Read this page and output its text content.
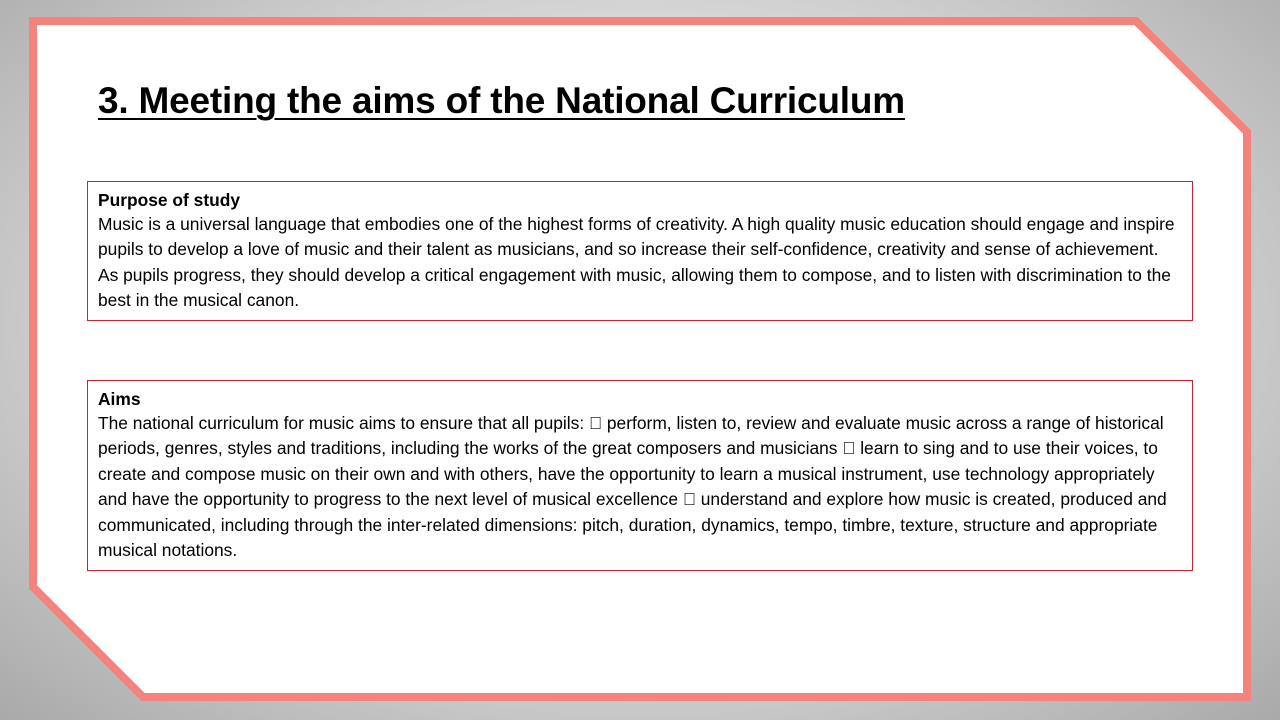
3. Meeting the aims of the National Curriculum
Purpose of study
Music is a universal language that embodies one of the highest forms of creativity. A high quality music education should engage and inspire pupils to develop a love of music and their talent as musicians, and so increase their self-confidence, creativity and sense of achievement. As pupils progress, they should develop a critical engagement with music, allowing them to compose, and to listen with discrimination to the best in the musical canon.
Aims
The national curriculum for music aims to ensure that all pupils: perform, listen to, review and evaluate music across a range of historical periods, genres, styles and traditions, including the works of the great composers and musicians learn to sing and to use their voices, to create and compose music on their own and with others, have the opportunity to learn a musical instrument, use technology appropriately and have the opportunity to progress to the next level of musical excellence understand and explore how music is created, produced and communicated, including through the inter-related dimensions: pitch, duration, dynamics, tempo, timbre, texture, structure and appropriate musical notations.
